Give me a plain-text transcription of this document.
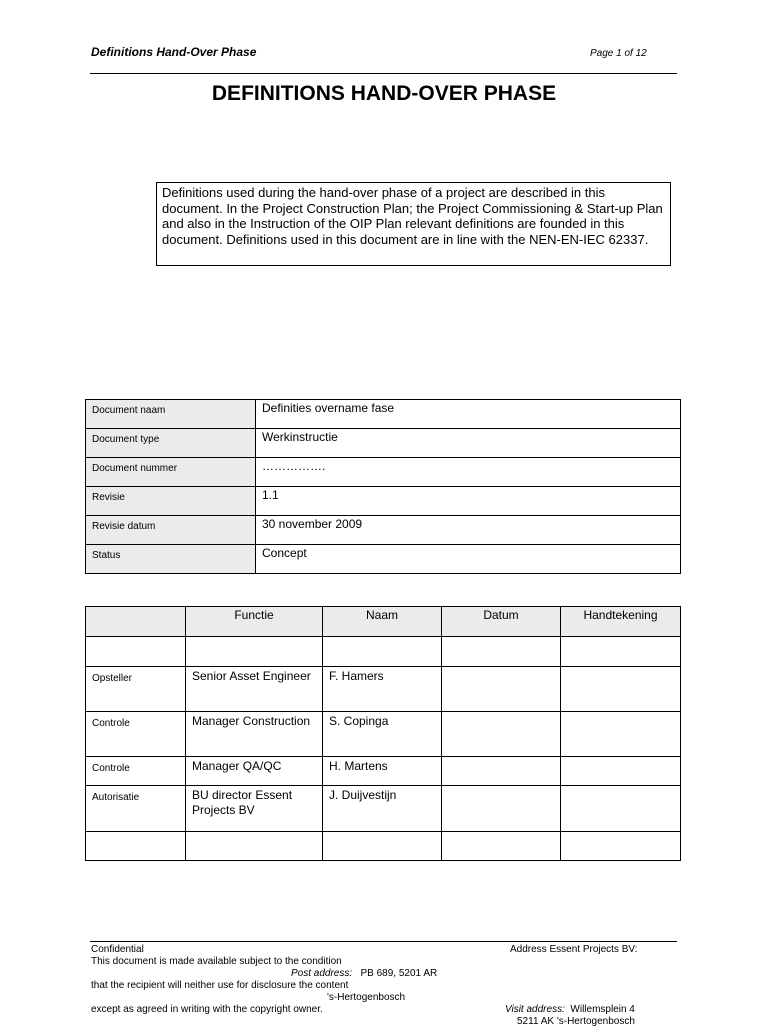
Definitions Hand-Over Phase	Page 1 of 12
DEFINITIONS HAND-OVER PHASE
Definitions used during the hand-over phase of a project are described in this document. In the Project Construction Plan; the Project Commissioning & Start-up Plan and also in the Instruction of the OIP Plan relevant definitions are founded in this document. Definitions used in this document are in line with the NEN-EN-IEC 62337.
Document naam	Definities overname fase
Document type	Werkinstructie
Document nummer	…………….
Revisie	1.1
Revisie datum	30 november 2009
Status	Concept
	Functie	Naam	Datum	Handtekening

Opsteller	Senior Asset Engineer	F. Hamers		
Controle	Manager Construction	S. Copinga		
Controle	Manager QA/QC	H. Martens		
Autorisatie	BU director Essent Projects BV	J. Duijvestijn		

Confidential
This document is made available subject to the condition
that the recipient will neither use for disclosure the content
except as agreed in writing with the copyright owner.
Address Essent Projects BV:
Post address: PB 689, 5201 AR
's-Hertogenbosch
Visit address: Willemsplein 4
5211 AK 's-Hertogenbosch
